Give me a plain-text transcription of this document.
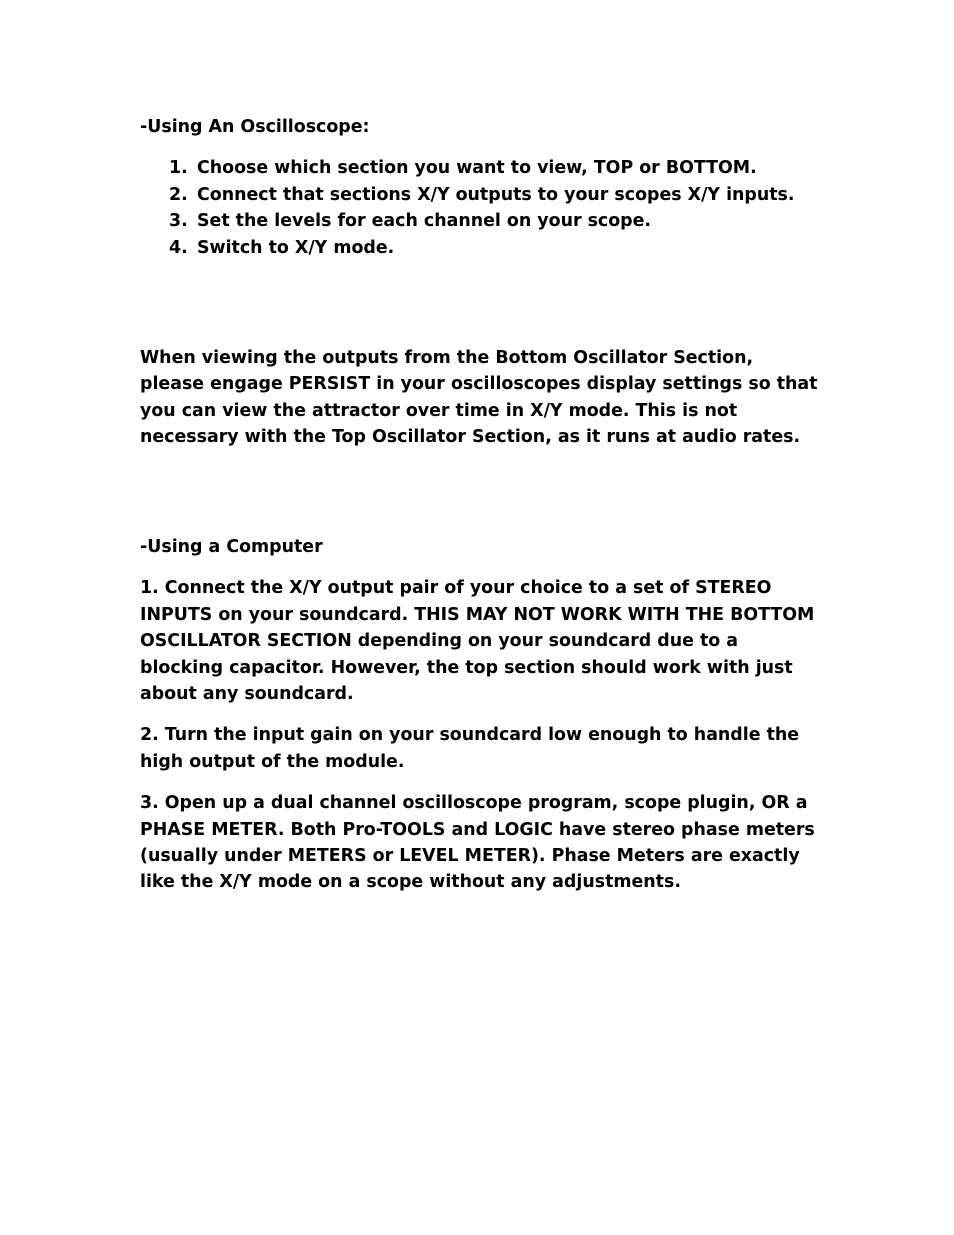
-Using An Oscilloscope:

1. Choose which section you want to view, TOP or BOTTOM.
2. Connect that sections X/Y outputs to your scopes X/Y inputs.
3. Set the levels for each channel on your scope.
4. Switch to X/Y mode.

When viewing the outputs from the Bottom Oscillator Section, please engage PERSIST in your oscilloscopes display settings so that you can view the attractor over time in X/Y mode. This is not necessary with the Top Oscillator Section, as it runs at audio rates.

-Using a Computer

1. Connect the X/Y output pair of your choice to a set of STEREO INPUTS on your soundcard. THIS MAY NOT WORK WITH THE BOTTOM OSCILLATOR SECTION depending on your soundcard due to a blocking capacitor. However, the top section should work with just about any soundcard.

2. Turn the input gain on your soundcard low enough to handle the high output of the module.

3. Open up a dual channel oscilloscope program, scope plugin, OR a PHASE METER. Both Pro-TOOLS and LOGIC have stereo phase meters (usually under METERS or LEVEL METER). Phase Meters are exactly like the X/Y mode on a scope without any adjustments.
